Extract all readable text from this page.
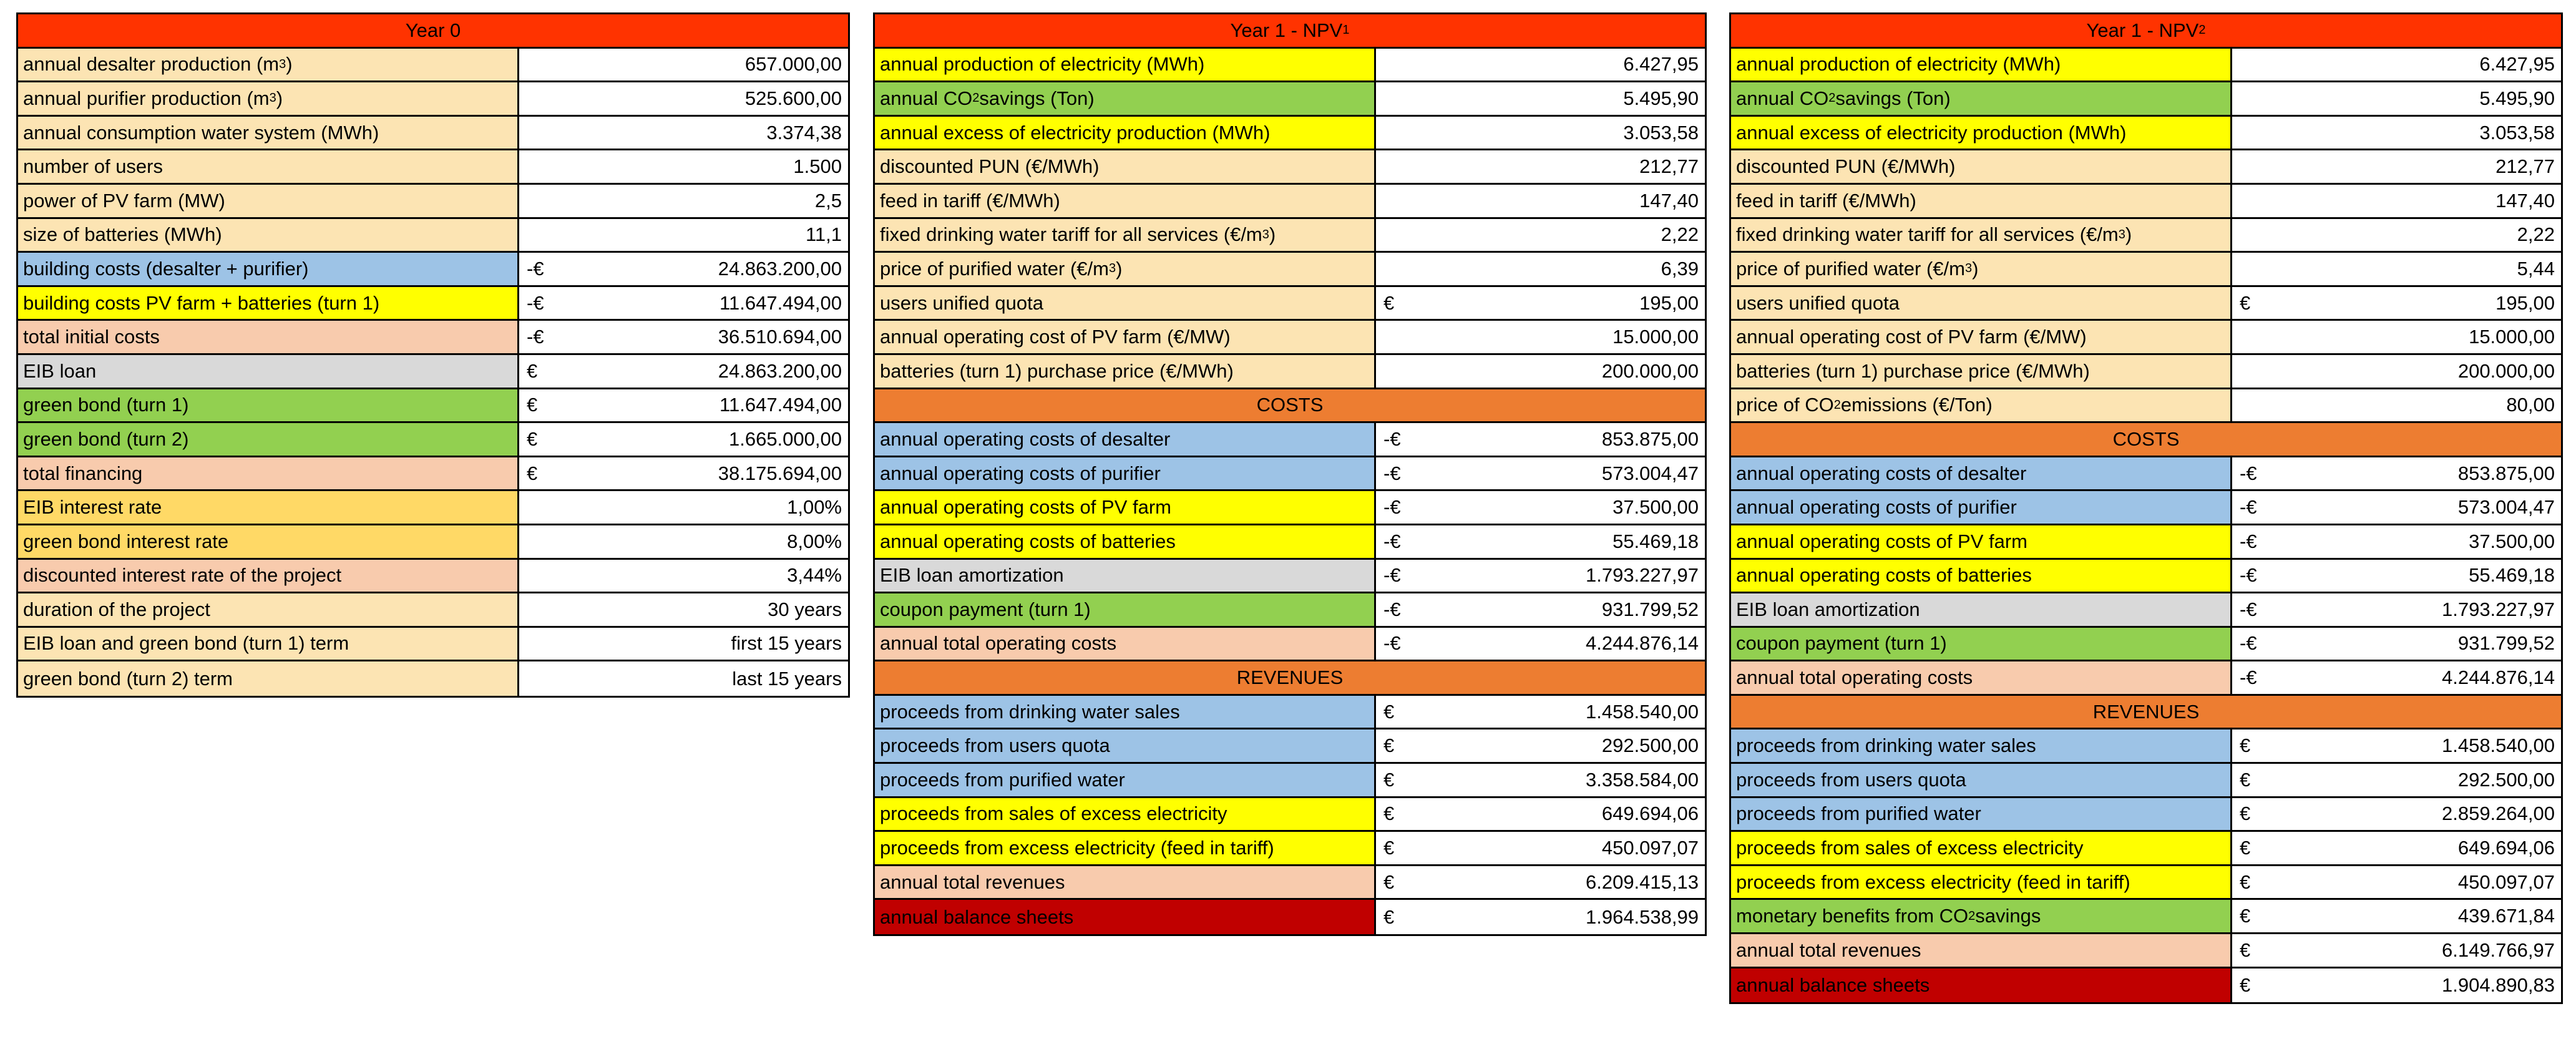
Year 0
annual desalter production (m 3 )	657.000,00
annual purifier production (m 3 )	525.600,00
annual consumption water system (MWh)	3.374,38
number of users	1.500
power of PV farm (MW)	2,5
size of batteries (MWh)	11,1
building costs (desalter + purifier)	-€	24.863.200,00
building costs PV farm + batteries (turn 1)	-€	11.647.494,00
total initial costs	-€	36.510.694,00
EIB loan	€	24.863.200,00
green bond (turn 1)	€	11.647.494,00
green bond (turn 2)	€	1.665.000,00
total financing	€	38.175.694,00
EIB interest rate	1,00%
green bond interest rate	8,00%
discounted interest rate of the project	3,44%
duration of the project	30 years
EIB loan and green bond (turn 1) term	first 15 years
green bond (turn 2) term	last 15 years
Year 1 - NPV 1
annual production of electricity (MWh)	6.427,95
annual CO 2 savings (Ton)	5.495,90
annual excess of electricity production (MWh)	3.053,58
discounted PUN (€/MWh)	212,77
feed in tariff (€/MWh)	147,40
fixed drinking water tariff for all services (€/m 3 )	2,22
price of purified water (€/m 3 )	6,39
users unified quota	€	195,00
annual operating cost of PV farm (€/MW)	15.000,00
batteries (turn 1) purchase price (€/MWh)	200.000,00
COSTS
annual operating costs of desalter	-€	853.875,00
annual operating costs of purifier	-€	573.004,47
annual operating costs of PV farm	-€	37.500,00
annual operating costs of batteries	-€	55.469,18
EIB loan amortization	-€	1.793.227,97
coupon payment (turn 1)	-€	931.799,52
annual total operating costs	-€	4.244.876,14
REVENUES
proceeds from drinking water sales	€	1.458.540,00
proceeds from users quota	€	292.500,00
proceeds from purified water	€	3.358.584,00
proceeds from sales of excess electricity	€	649.694,06
proceeds from excess electricity (feed in tariff)	€	450.097,07
annual total revenues	€	6.209.415,13
annual balance sheets	€	1.964.538,99
Year 1 - NPV 2
annual production of electricity (MWh)	6.427,95
annual CO 2 savings (Ton)	5.495,90
annual excess of electricity production (MWh)	3.053,58
discounted PUN (€/MWh)	212,77
feed in tariff (€/MWh)	147,40
fixed drinking water tariff for all services (€/m 3 )	2,22
price of purified water (€/m 3 )	5,44
users unified quota	€	195,00
annual operating cost of PV farm (€/MW)	15.000,00
batteries (turn 1) purchase price (€/MWh)	200.000,00
price of CO 2 emissions (€/Ton)	80,00
COSTS
annual operating costs of desalter	-€	853.875,00
annual operating costs of purifier	-€	573.004,47
annual operating costs of PV farm	-€	37.500,00
annual operating costs of batteries	-€	55.469,18
EIB loan amortization	-€	1.793.227,97
coupon payment (turn 1)	-€	931.799,52
annual total operating costs	-€	4.244.876,14
REVENUES
proceeds from drinking water sales	€	1.458.540,00
proceeds from users quota	€	292.500,00
proceeds from purified water	€	2.859.264,00
proceeds from sales of excess electricity	€	649.694,06
proceeds from excess electricity (feed in tariff)	€	450.097,07
monetary benefits from CO 2 savings	€	439.671,84
annual total revenues	€	6.149.766,97
annual balance sheets	€	1.904.890,83
